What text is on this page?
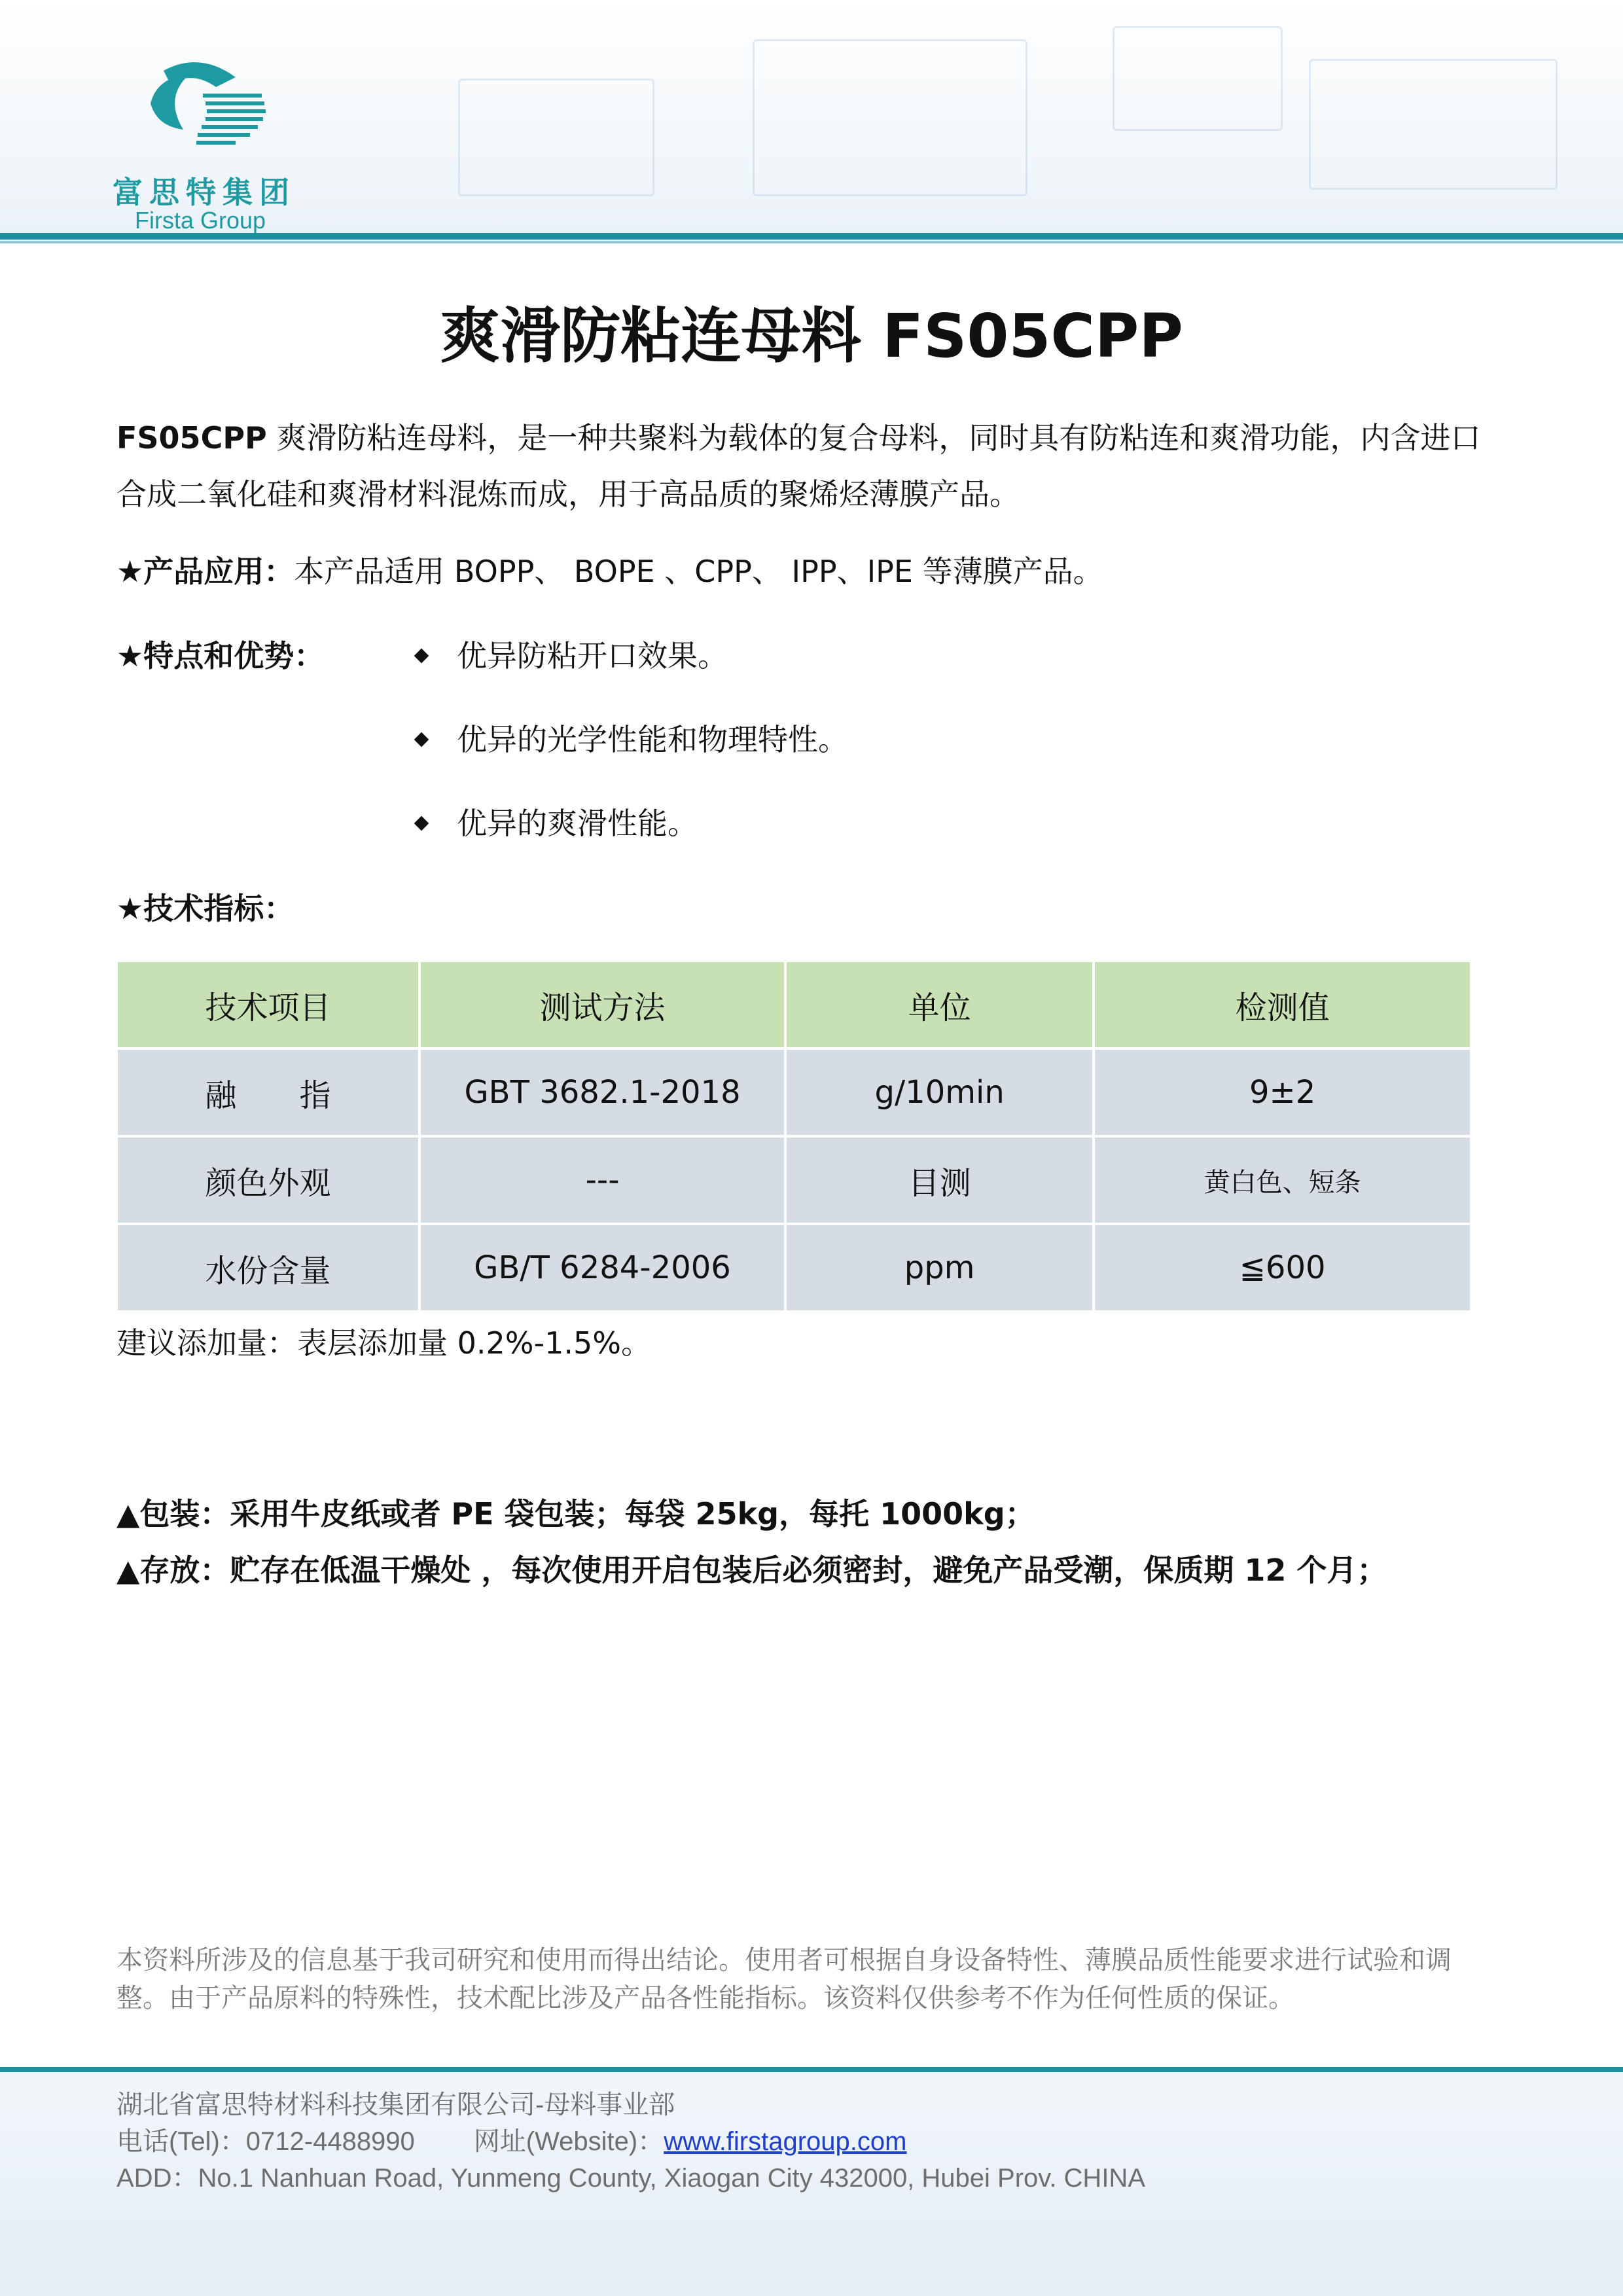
富思特集团
Firsta Group
爽滑防粘连母料 FS05CPP
FS05CPP 爽滑防粘连母料，是一种共聚料为载体的复合母料，同时具有防粘连和爽滑功能，内含进口合成二氧化硅和爽滑材料混炼而成，用于高品质的聚烯烃薄膜产品。
★产品应用：本产品适用 BOPP、 BOPE 、CPP、 IPP、IPE 等薄膜产品。
★特点和优势：	优异防粘开口效果。
优异的光学性能和物理特性。
优异的爽滑性能。
★技术指标：
技术项目	测试方法	单位	检测值
融　　指	GBT 3682.1-2018	g/10min	9±2
颜色外观	---	目测	黄白色、短条
水份含量	GB/T 6284-2006	ppm	≦600
建议添加量：表层添加量 0.2%-1.5%。
▲包装：采用牛皮纸或者 PE 袋包装；每袋 25kg，每托 1000kg；
▲存放：贮存在低温干燥处 ，每次使用开启包装后必须密封，避免产品受潮，保质期 12 个月；
本资料所涉及的信息基于我司研究和使用而得出结论。使用者可根据自身设备特性、薄膜品质性能要求进行试验和调整。由于产品原料的特殊性，技术配比涉及产品各性能指标。该资料仅供参考不作为任何性质的保证。
湖北省富思特材料科技集团有限公司-母料事业部
电话(Tel)：0712-4488990 网址(Website)：www.firstagroup.com
ADD：No.1 Nanhuan Road, Yunmeng County, Xiaogan City 432000, Hubei Prov. CHINA
